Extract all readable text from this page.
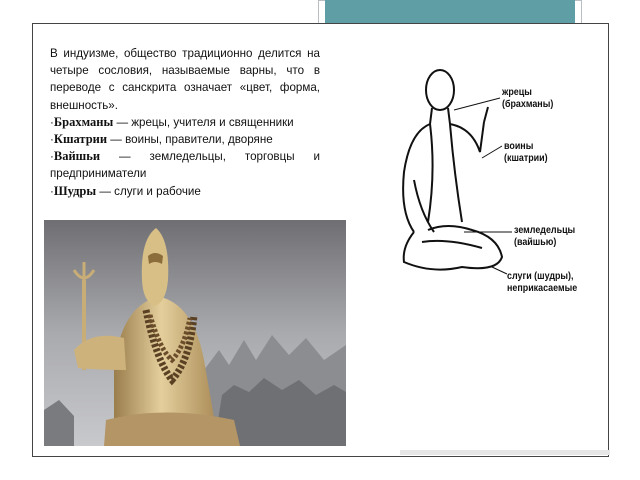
В индуизме, общество традиционно делится на четыре сословия, называемые варны, что в переводе с санскрита означает «цвет, форма, внешность».

·Брахманы — жрецы, учителя и священники

·Кшатрии — воины, правители, дворяне

·Вайшьи — земледельцы, торговцы и предприниматели

·Шудры — слуги и рабочие

жрецы
(брахманы)
воины
(кшатрии)
земледельцы
(вайшью)
слуги (шудры),
неприкасаемые
